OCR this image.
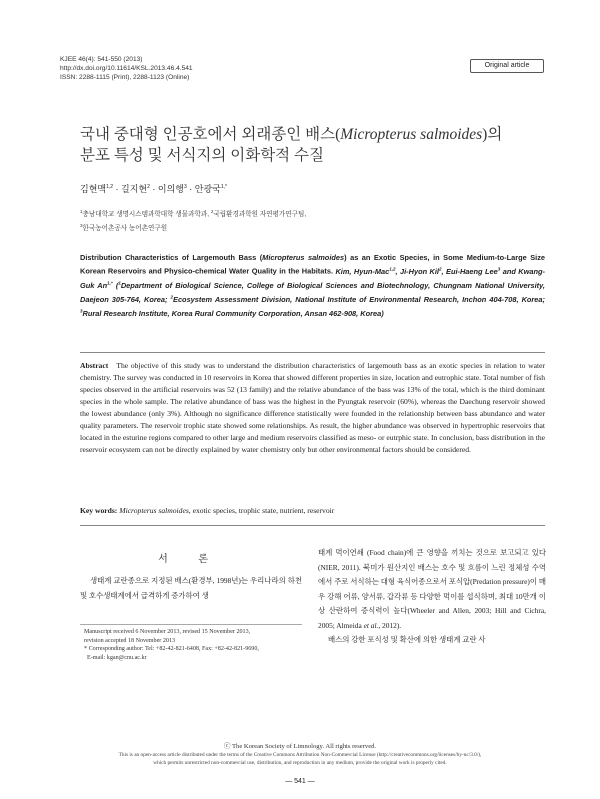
KJEE 46(4): 541-550 (2013)
http://dx.doi.org/10.11614/KSL.2013.46.4.541
ISSN: 2288-1115 (Print), 2288-1123 (Online)
Original article
국내 중대형 인공호에서 외래종인 배스(Micropterus salmoides)의
분포 특성 및 서식지의 이화학적 수질
김현맥$^{1,2}$ · 길지현$^2$ · 이의행$^3$ · 안광국$^{1,*}$
$^1$충남대학교 생명시스템과학대학 생물과학과, $^2$국립환경과학원 자연평가연구팀,
$^3$한국농어촌공사 농어촌연구원
Distribution Characteristics of Largemouth Bass (Micropterus salmoides) as an Exotic Species, in Some Medium-to-Large Size Korean Reservoirs and Physico-chemical Water Quality in the Habitats. Kim, Hyun-Mac$^{1,2}$, Ji-Hyon Kil$^2$, Eui-Haeng Lee$^3$ and Kwang-Guk $An^{1,*}$ ($^1$Department of Biological Science, College of Biological Sciences and Biotechnology, Chungnam National University, Daejeon 305-764, Korea; $^2$Ecosystem Assessment Division, National Institute of Environmental Research, Inchon 404-708, Korea; $^3$Rural Research Institute, Korea Rural Community Corporation, Ansan 462-908, Korea)
Abstract The objective of this study was to understand the distribution characteristics of largemouth bass as an exotic species in relation to water chemistry. The survey was conducted in 10 reservoirs in Korea that showed different properties in size, location and eutrophic state. Total number of fish species observed in the artificial reservoirs was 52 (13 family) and the relative abundance of the bass was 13% of the total, which is the third dominant species in the whole sample. The relative abundance of bass was the highest in the Pyungtak reservoir (60%), whereas the Daechung reservoir showed the lowest abundance (only 3%). Although no significance difference statistically were founded in the relationship between bass abundance and water quality parameters. The reservoir trophic state showed some relationships. As result, the higher abundance was observed in hypertrophic reservoirs that located in the esturine regions compared to other large and medium reservoirs classified as meso- or eutrphic state. In conclusion, bass distribution in the reservoir ecosystem can not be directly explained by water chemistry only but other environmental factors should be considered.
Key words: Micropterus salmoides, exotic species, trophic state, nutrient, reservoir
서 론

생태계 교란종으로 지정된 배스(환경부, 1998년)는 우리나라의 하천 및 호수생태계에서 급격하게 증가하여 생

Manuscript received 6 November 2013, revised 15 November 2013,
revision accepted 18 November 2013
* Corresponding author: Tel: +82-42-821-6408, Fax: +82-42-821-9690,
E-mail: kgan@cnu.ac.kr

태계 먹이연쇄 (Food chain)에 큰 영향을 끼치는 것으로 보고되고 있다(NIER, 2011). 북미가 원산지인 배스는 호수 및 흐름이 느린 정체성 수역에서 주로 서식하는 대형 육식어종으로서 포식압(Predation pressure)이 매우 강해 어류, 양서류, 갑각류 등 다양한 먹이를 섭식하며, 최대 10만개 이상 산란하여 증식력이 높다(Wheeler and Allen, 2003; Hill and Cichra, 2005; Almeida et al., 2012).

배스의 강한 포식성 및 확산에 의한 생태계 교란 사

ⓒ The Korean Society of Limnology. All rights reserved.
This is an open-access article distributed under the terms of the Creative Commons Attribution Non-Commercial License (http://creativecommons.org/licenses/by-nc/3.0/),
which permits unrestricted non-commercial use, distribution, and reproduction in any medium, provide the original work is properly cited.
— 541 —
